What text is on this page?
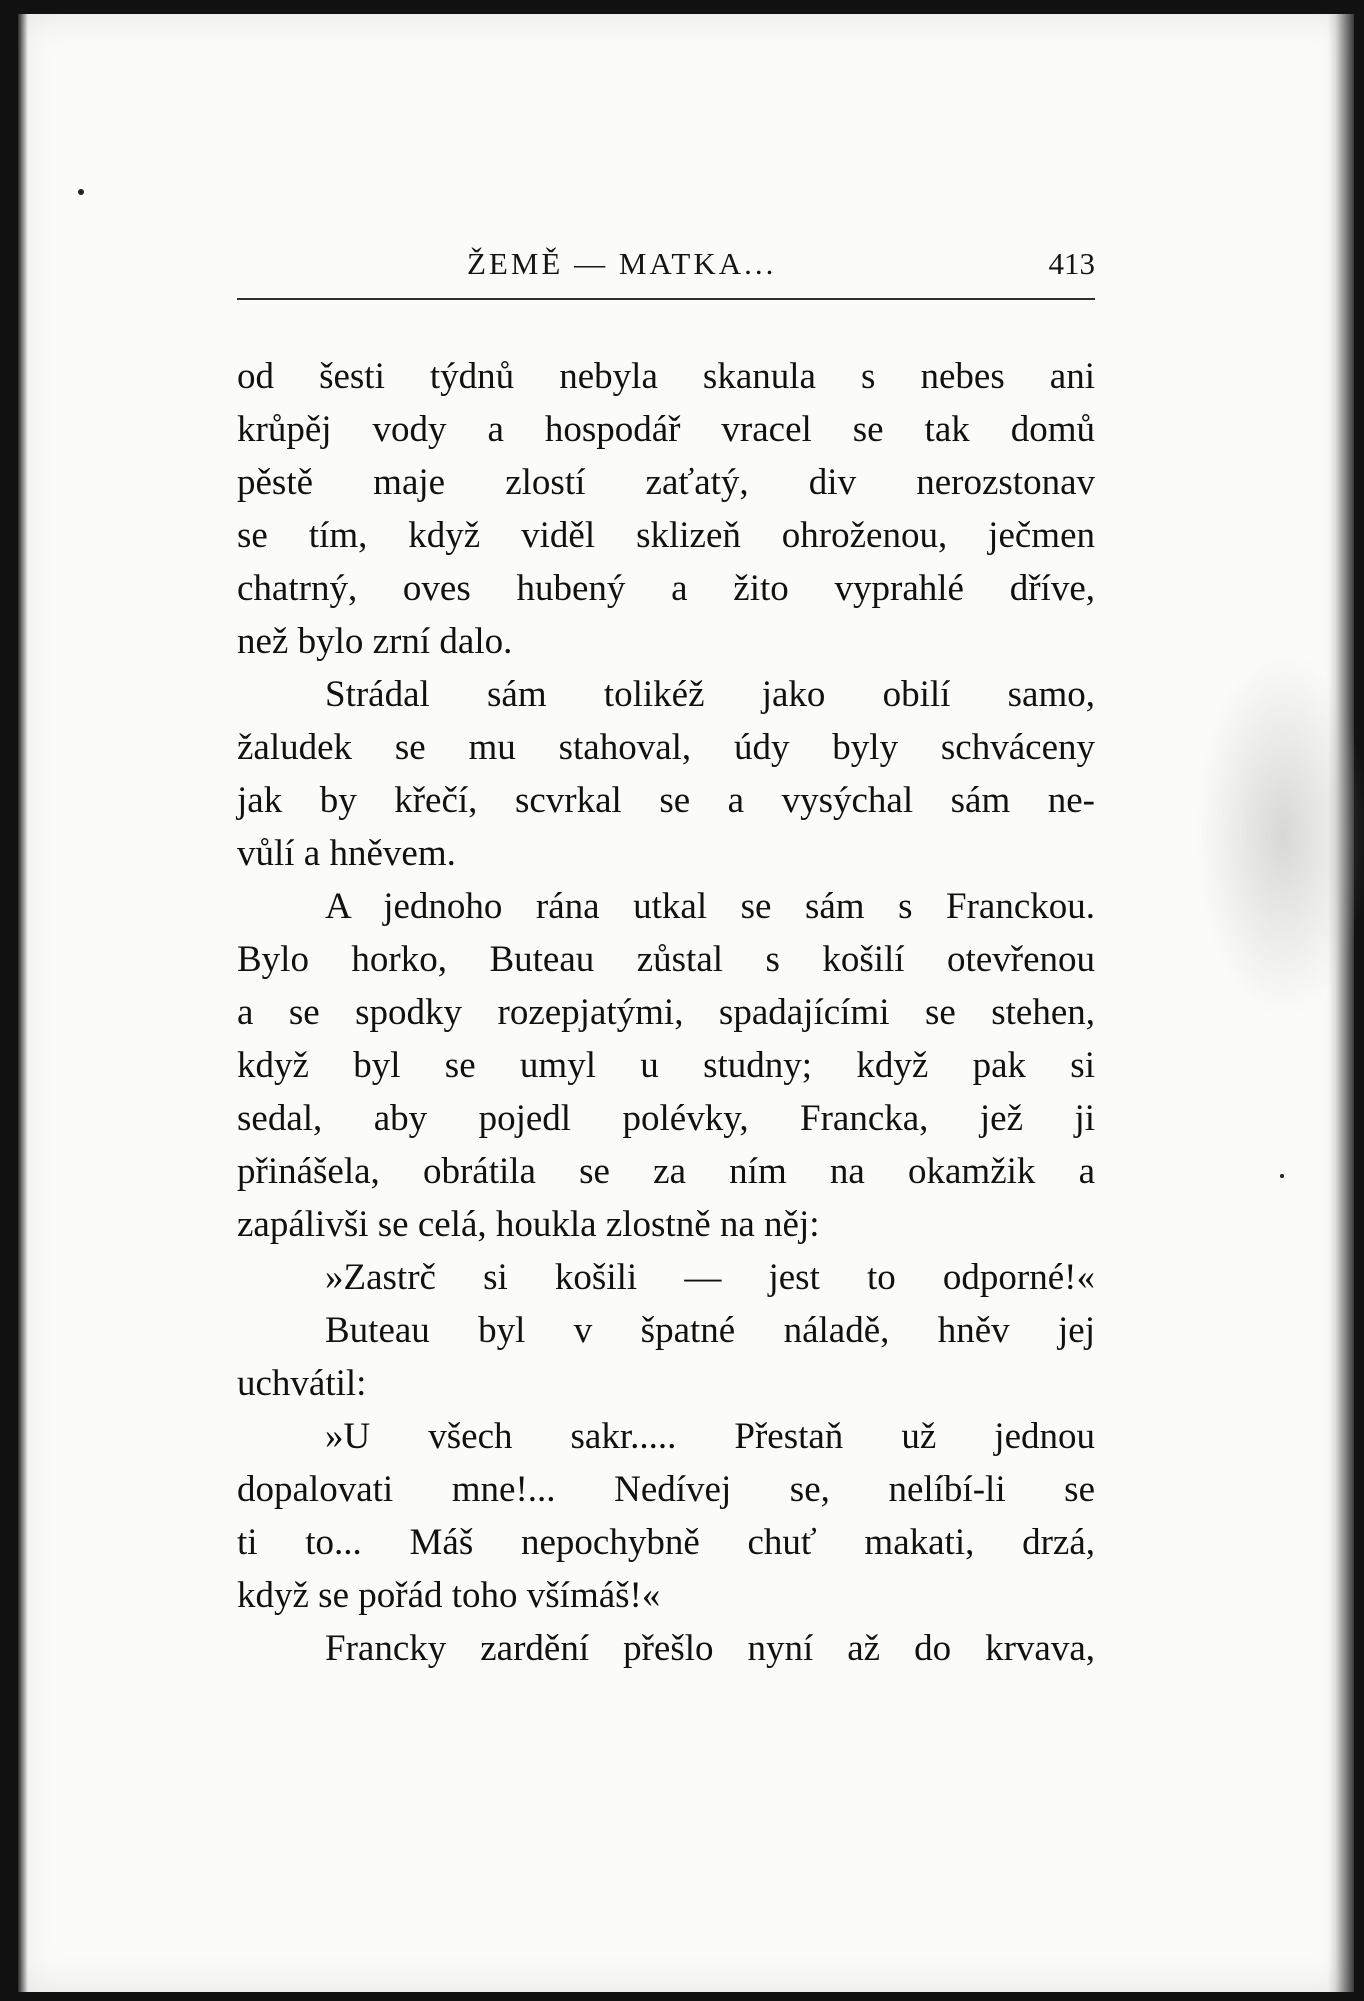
ŽEMĚ — MATKA...	413
od šesti týdnů nebyla skanula s nebes ani
krůpěj vody a hospodář vracel se tak domů
pěstě maje zlostí zaťatý, div nerozstonav
se tím, když viděl sklizeň ohroženou, ječmen
chatrný, oves hubený a žito vyprahlé dříve,
než bylo zrní dalo.
Strádal sám tolikéž jako obilí samo,
žaludek se mu stahoval, údy byly schváceny
jak by křečí, scvrkal se a vysýchal sám ne-
vůlí a hněvem.
A jednoho rána utkal se sám s Franckou.
Bylo horko, Buteau zůstal s košilí otevřenou
a se spodky rozepjatými, spadajícími se stehen,
když byl se umyl u studny; když pak si
sedal, aby pojedl polévky, Francka, jež ji
přinášela, obrátila se za ním na okamžik a
zapálivši se celá, houkla zlostně na něj:
»Zastrč si košili — jest to odporné!«
Buteau byl v špatné náladě, hněv jej
uchvátil:
»U všech sakr..... Přestaň už jednou
dopalovati mne!... Nedívej se, nelíbí-li se
ti to... Máš nepochybně chuť makati, drzá,
když se pořád toho všímáš!«
Francky zardění přešlo nyní až do krvava,
